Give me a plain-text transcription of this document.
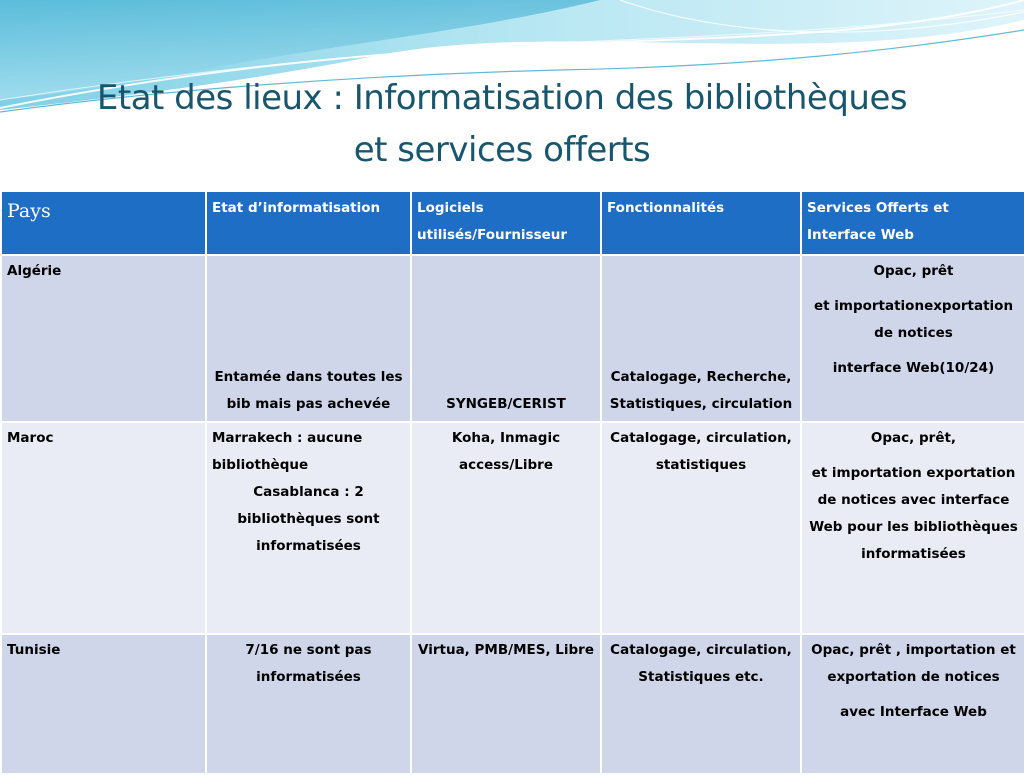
Etat des lieux : Informatisation des bibliothèques
et services offerts
Pays	Etat d’informatisation	Logiciels utilisés/Fournisseur	Fonctionnalités	Services Offerts et Interface Web
Algérie	Entamée dans toutes les bib mais pas achevée	SYNGEB/CERIST	Catalogage, Recherche, Statistiques, circulation	Opac, prêt
et importationexportation de notices
interface Web(10/24)

Maroc	Marrakech : aucune bibliothèque
Casablanca : 2 bibliothèques sont informatisées	Koha, Inmagic access/Libre	Catalogage, circulation, statistiques	Opac, prêt,
et importation exportation de notices avec interface Web pour les bibliothèques informatisées

Tunisie	7/16 ne sont pas informatisées	Virtua, PMB/MES, Libre	Catalogage, circulation, Statistiques etc.	Opac, prêt , importation et exportation de notices
avec Interface Web
